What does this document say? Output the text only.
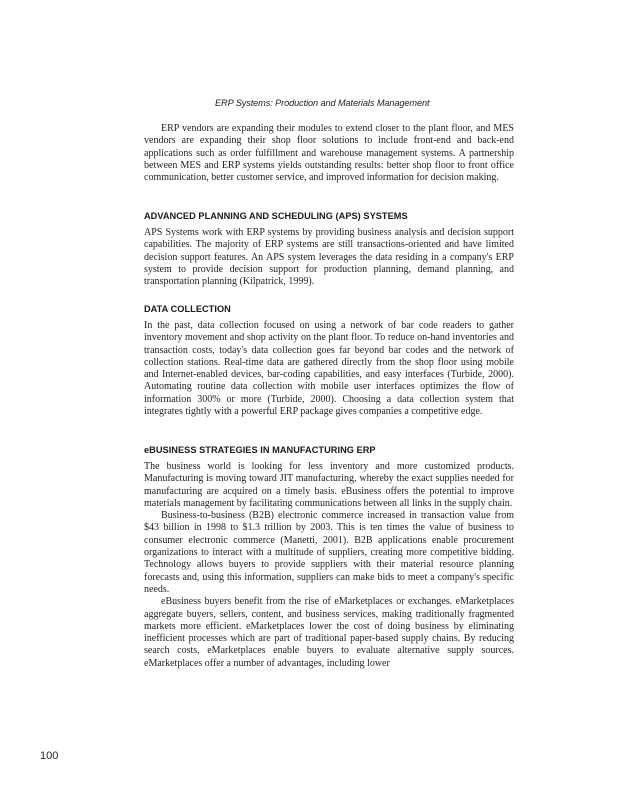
ERP Systems: Production and Materials Management

ERP vendors are expanding their modules to extend closer to the plant floor, and MES vendors are expanding their shop floor solutions to include front-end and back-end applications such as order fulfillment and warehouse management systems. A partnership between MES and ERP systems yields outstanding results: better shop floor to front office communication, better customer service, and improved information for decision making.

ADVANCED PLANNING AND SCHEDULING (APS) SYSTEMS

APS Systems work with ERP systems by providing business analysis and decision support capabilities. The majority of ERP systems are still transactions-oriented and have limited decision support features. An APS system leverages the data residing in a company's ERP system to provide decision support for production planning, demand planning, and transportation planning (Kilpatrick, 1999).

DATA COLLECTION

In the past, data collection focused on using a network of bar code readers to gather inventory movement and shop activity on the plant floor. To reduce on-hand inventories and transaction costs, today's data collection goes far beyond bar codes and the network of collection stations. Real-time data are gathered directly from the shop floor using mobile and Internet-enabled devices, bar-coding capabilities, and easy interfaces (Turbide, 2000). Automating routine data collection with mobile user interfaces optimizes the flow of information 300% or more (Turbide, 2000). Choosing a data collection system that integrates tightly with a powerful ERP package gives companies a competitive edge.

eBUSINESS STRATEGIES IN MANUFACTURING ERP

The business world is looking for less inventory and more customized products. Manufacturing is moving toward JIT manufacturing, whereby the exact supplies needed for manufacturing are acquired on a timely basis. eBusiness offers the potential to improve materials management by facilitating communications between all links in the supply chain.

Business-to-business (B2B) electronic commerce increased in transaction value from $43 billion in 1998 to $1.3 trillion by 2003. This is ten times the value of business to consumer electronic commerce (Manetti, 2001). B2B applications enable procurement organizations to interact with a multitude of suppliers, creating more competitive bidding. Technology allows buyers to provide suppliers with their material resource planning forecasts and, using this information, suppliers can make bids to meet a company's specific needs.

eBusiness buyers benefit from the rise of eMarketplaces or exchanges. eMarketplaces aggregate buyers, sellers, content, and business services, making traditionally fragmented markets more efficient. eMarketplaces lower the cost of doing business by eliminating inefficient processes which are part of traditional paper-based supply chains. By reducing search costs, eMarketplaces enable buyers to evaluate alternative supply sources. eMarketplaces offer a number of advantages, including lower

100
